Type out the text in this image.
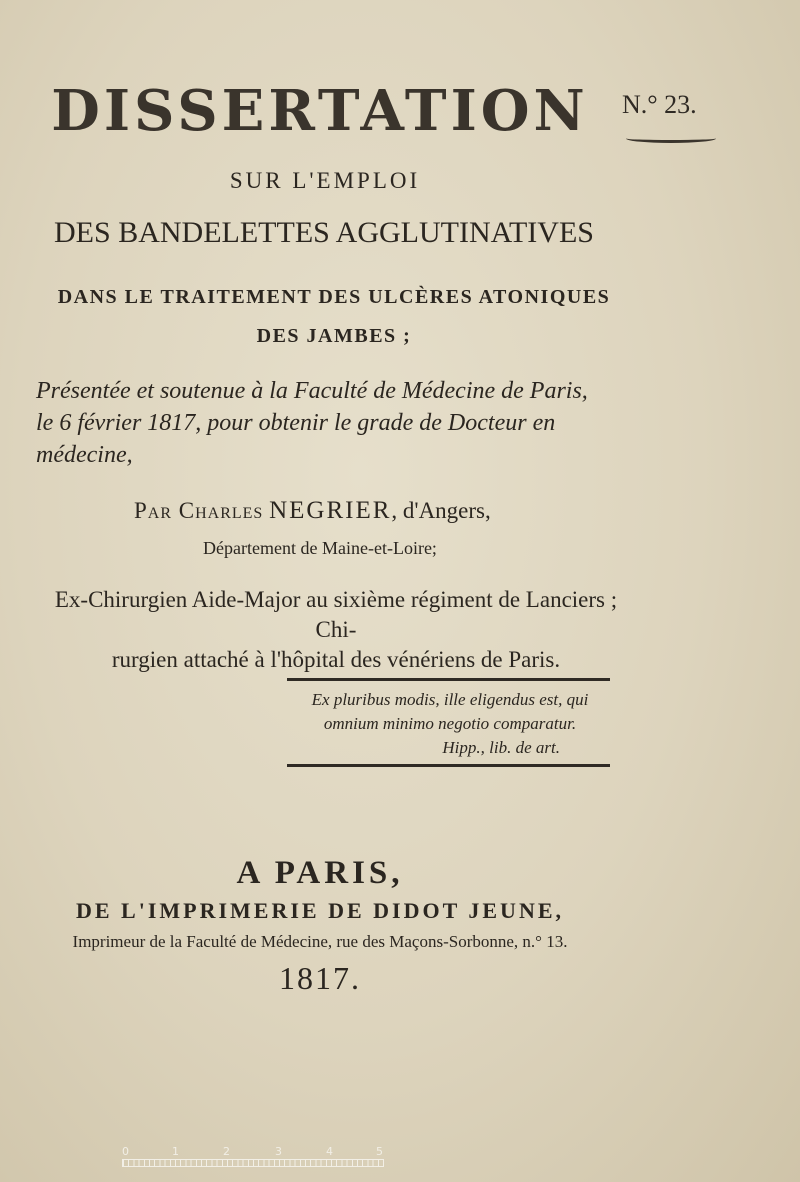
DISSERTATION	N.° 23.
SUR L'EMPLOI
DES BANDELETTES AGGLUTINATIVES
DANS LE TRAITEMENT DES ULCÈRES ATONIQUES
DES JAMBES ;
Présentée et soutenue à la Faculté de Médecine de Paris,
le 6 février 1817, pour obtenir le grade de Docteur en
médecine,
Par Charles NEGRIER, d'Angers,
Département de Maine-et-Loire;
Ex-Chirurgien Aide-Major au sixième régiment de Lanciers ; Chi-
rurgien attaché à l'hôpital des vénériens de Paris.
Ex pluribus modis, ille eligendus est, qui
omnium minimo negotio comparatur.
Hipp., lib. de art.
A PARIS,
DE L'IMPRIMERIE DE DIDOT JEUNE,
Imprimeur de la Faculté de Médecine, rue des Maçons-Sorbonne, n.° 13.
1817.
0	1	2	3	4	5
